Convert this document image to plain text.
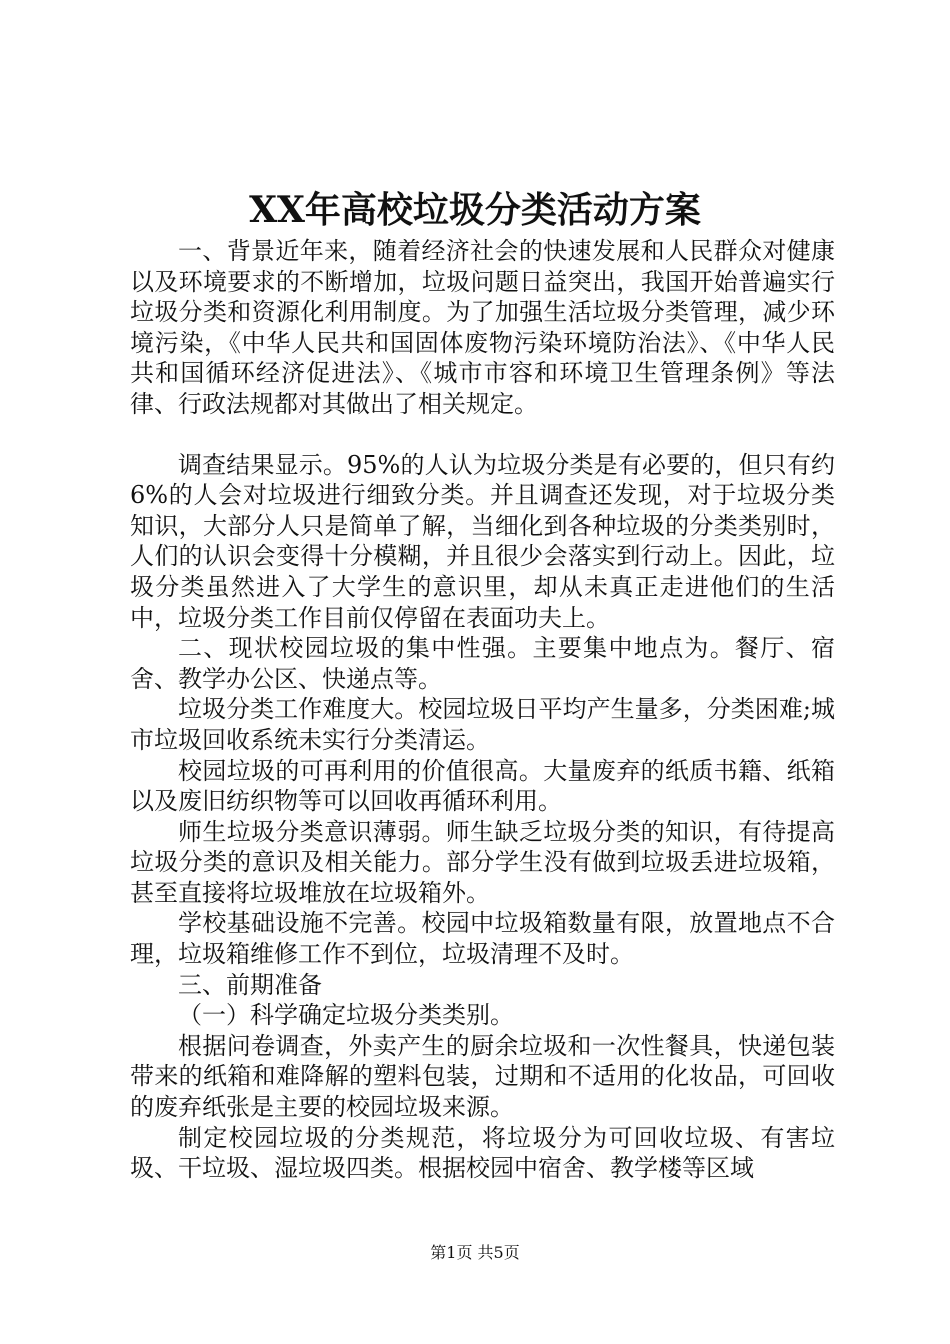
XX年高校垃圾分类活动方案

一、背景近年来，随着经济社会的快速发展和人民群众对健康以及环境要求的不断增加，垃圾问题日益突出，我国开始普遍实行垃圾分类和资源化利用制度。为了加强生活垃圾分类管理，减少环境污染，《中华人民共和国固体废物污染环境防治法》、《中华人民共和国循环经济促进法》、《城市市容和环境卫生管理条例》等法律、行政法规都对其做出了相关规定。

调查结果显示。95%的人认为垃圾分类是有必要的，但只有约6%的人会对垃圾进行细致分类。并且调查还发现，对于垃圾分类知识，大部分人只是简单了解，当细化到各种垃圾的分类类别时，人们的认识会变得十分模糊，并且很少会落实到行动上。因此，垃圾分类虽然进入了大学生的意识里，却从未真正走进他们的生活中，垃圾分类工作目前仅停留在表面功夫上。

二、现状校园垃圾的集中性强。主要集中地点为。餐厅、宿舍、教学办公区、快递点等。

垃圾分类工作难度大。校园垃圾日平均产生量多，分类困难;城市垃圾回收系统未实行分类清运。

校园垃圾的可再利用的价值很高。大量废弃的纸质书籍、纸箱以及废旧纺织物等可以回收再循环利用。

师生垃圾分类意识薄弱。师生缺乏垃圾分类的知识，有待提高垃圾分类的意识及相关能力。部分学生没有做到垃圾丢进垃圾箱，甚至直接将垃圾堆放在垃圾箱外。

学校基础设施不完善。校园中垃圾箱数量有限，放置地点不合理，垃圾箱维修工作不到位，垃圾清理不及时。

三、前期准备

（一）科学确定垃圾分类类别。

根据问卷调查，外卖产生的厨余垃圾和一次性餐具，快递包装带来的纸箱和难降解的塑料包装，过期和不适用的化妆品，可回收的废弃纸张是主要的校园垃圾来源。

制定校园垃圾的分类规范，将垃圾分为可回收垃圾、有害垃圾、干垃圾、湿垃圾四类。根据校园中宿舍、教学楼等区域

第1页 共5页
